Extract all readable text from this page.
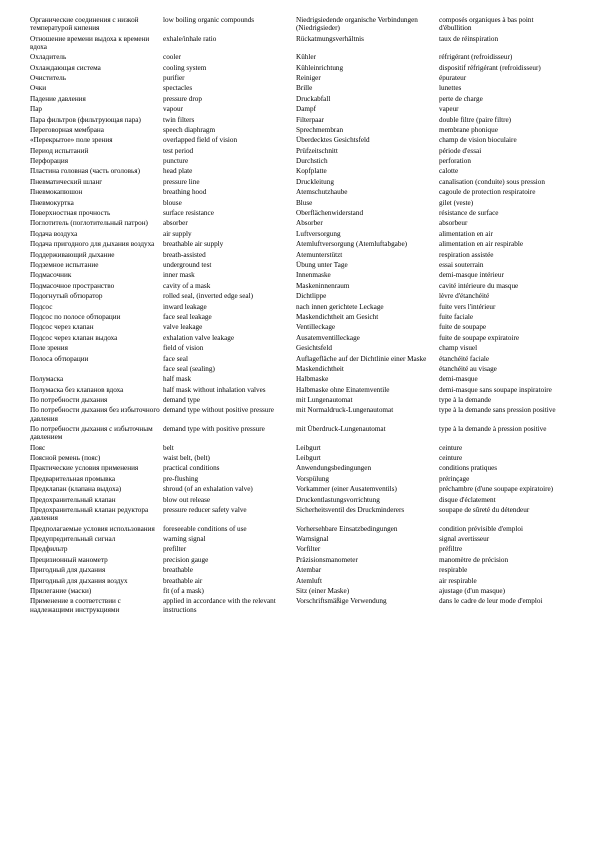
Органические соединения с низкой температурой кипения	low boiling organic compounds	Niedrigsiedende organische Verbindungen (Niedrigsieder)	composés organiques à bas point d'ébullition
Отношение времени выдоха к времени вдоха	exhale/inhale ratio	Rückatmungsverhältnis	taux de réinspiration
Охладитель	cooler	Kühler	réfrigérant (refroidisseur)
Охлаждающая система	cooling system	Kühleinrichtung	dispositif réfrigérant (refroidisseur)
Очиститель	purifier	Reiniger	épurateur
Очки	spectacles	Brille	lunettes
Падение давления	pressure drop	Druckabfall	perte de charge
Пар	vapour	Dampf	vapeur
Пара фильтров (фильтрующая пара)	twin filters	Filterpaar	double filtre (paire filtre)
Переговорная мембрана	speech diaphragm	Sprechmembran	membrane phonique
«Перекрытое» поле зрения	overlapped field of vision	Überdecktes Gesichtsfeld	champ de vision bioculaire
Период испытаний	test period	Prüfzeitschnitt	période d'essai
Перфорация	puncture	Durchstich	perforation
Пластина головная (часть оголовья)	head plate	Kopfplatte	calotte
Пневматический шланг	pressure line	Druckleitung	canalisation (conduite) sous pression
Пневмокапюшон	breathing hood	Atemschutzhaube	cagoule de protection respiratoire
Пневмокуртка	blouse	Bluse	gilet (veste)
Поверхностная прочность	surface resistance	Oberflächenwiderstand	résistance de surface
Поглотитель (поглотительный патрон)	absorber	Absorber	absorbeur
Подача воздуха	air supply	Luftversorgung	alimentation en air
Подача пригодного для дыхания воздуха	breathable air supply	Atemluftversorgung (Atemluftabgabe)	alimentation en air respirable
Поддерживающий дыхание	breath-assisted	Atemunterstützt	respiration assistée
Подземное испытание	underground test	Übung unter Tage	essai souterrain
Подмасочник	inner mask	Innenmaske	demi-masque intérieur
Подмасочное пространство	cavity of a mask	Maskeninnenraum	cavité intérieure du masque
Подогнутый обтюратор	rolled seal, (inverted edge seal)	Dichtlippe	lèvre d'étanchéité
Подсос	inward leakage	nach innen gerichtete Leckage	fuite vers l'intérieur
Подсос по полосе обтюрации	face seal leakage	Maskendichtheit am Gesicht	fuite faciale
Подсос через клапан	valve leakage	Ventilleckage	fuite de soupape
Подсос через клапан выдоха	exhalation valve leakage	Ausatemventilleckage	fuite de soupape expiratoire
Поле зрения	field of vision	Gesichtsfeld	champ visuel
Полоса обтюрации	face seal	Auflagefläche auf der Dichtlinie einer Maske	étanchéité faciale
	face seal (sealing)	Maskendichtheit	étanchéité au visage
Полумаска	half mask	Halbmaske	demi-masque
Полумаска без клапанов вдоха	half mask without inhalation valves	Halbmaske ohne Einatemventile	demi-masque sans soupape inspiratoire
По потребности дыхания	demand type	mit Lungenautomat	type à la demande
По потребности дыхания без избыточного давления	demand type without positive pressure	mit Normaldruck-Lungenautomat	type à la demande sans pression positive
По потребности дыхания с избыточным давлением	demand type with positive pressure	mit Überdruck-Lungenautomat	type à la demande à pression positive
Пояс	belt	Leibgurt	ceinture
Поясной ремень (пояс)	waist belt, (belt)	Leibgurt	ceinture
Практические условия применения	practical conditions	Anwendungsbedingungen	conditions pratiques
Предварительная промывка	pre-flushing	Vorspülung	prérinçage
Предклапан (клапана выдоха)	shroud (of an exhalation valve)	Vorkammer (einer Ausatemventils)	préchambre (d'une soupape expiratoire)
Предохранительный клапан	blow out release	Druckentlastungsvorrichtung	disque d'éclatement
Предохранительный клапан редуктора давления	pressure reducer safety valve	Sicherheitsventil des Druckminderers	soupape de sûreté du détendeur
Предполагаемые условия использования	foreseeable conditions of use	Vorhersehbare Einsatzbedingungen	condition prévisible d'emploi
Предупредительный сигнал	warning signal	Warnsignal	signal avertisseur
Предфильтр	prefilter	Vorfilter	préfiltre
Прецизионный манометр	precision gauge	Präzisionsmanometer	manomètre de précision
Пригодный для дыхания	breathable	Atembar	respirable
Пригодный для дыхания воздух	breathable air	Atemluft	air respirable
Прилегание (маски)	fit (of a mask)	Sitz (einer Maske)	ajustage (d'un masque)
Применение в соответствии с надлежащими инструкциями	applied in accordance with the relevant instructions	Vorschriftsmäßige Verwendung	dans le cadre de leur mode d'emploi
